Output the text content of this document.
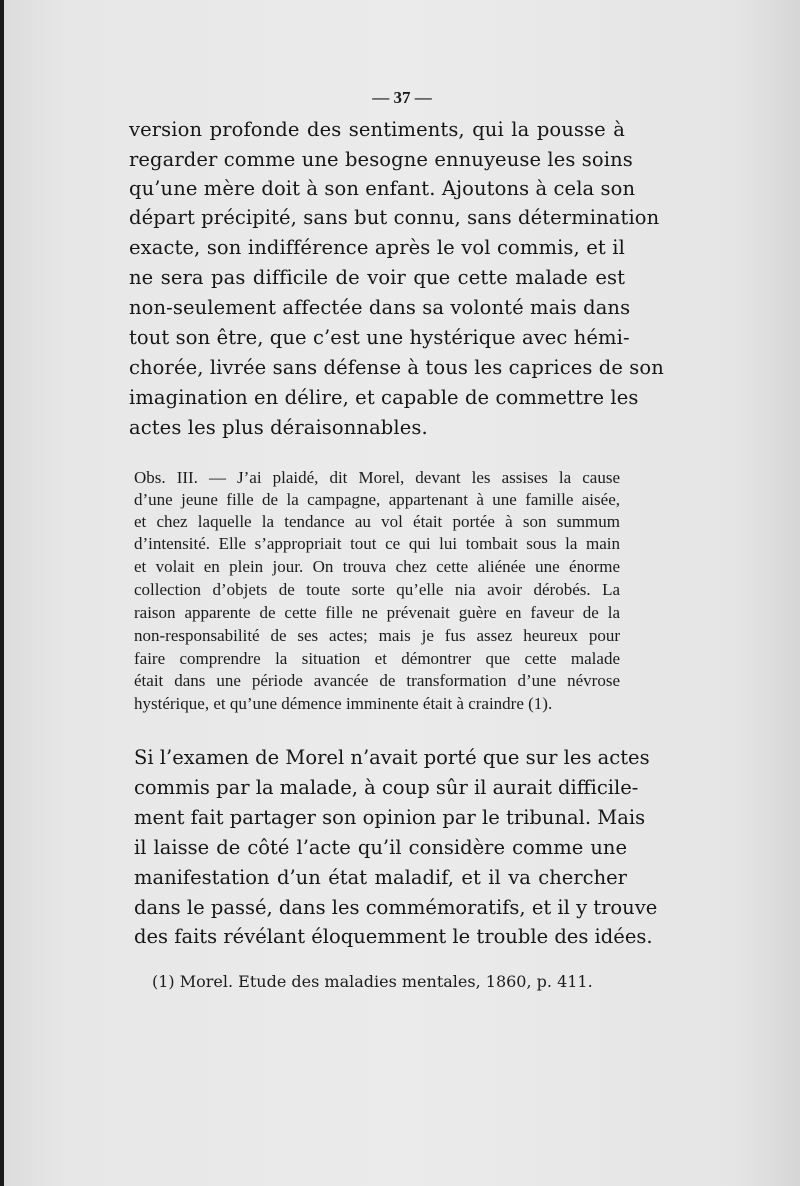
— 37 —
version profonde des sentiments, qui la pousse à
regarder comme une besogne ennuyeuse les soins
qu’une mère doit à son enfant. Ajoutons à cela son
départ précipité, sans but connu, sans détermination
exacte, son indifférence après le vol commis, et il
ne sera pas difficile de voir que cette malade est
non-seulement affectée dans sa volonté mais dans
tout son être, que c’est une hystérique avec hémi-
chorée, livrée sans défense à tous les caprices de son
imagination en délire, et capable de commettre les
actes les plus déraisonnables.
Obs. III. — J’ai plaidé, dit Morel, devant les assises la cause
d’une jeune fille de la campagne, appartenant à une famille aisée,
et chez laquelle la tendance au vol était portée à son summum
d’intensité. Elle s’appropriait tout ce qui lui tombait sous la main
et volait en plein jour. On trouva chez cette aliénée une énorme
collection d’objets de toute sorte qu’elle nia avoir dérobés. La
raison apparente de cette fille ne prévenait guère en faveur de la
non-responsabilité de ses actes; mais je fus assez heureux pour
faire comprendre la situation et démontrer que cette malade
était dans une période avancée de transformation d’une névrose
hystérique, et qu’une démence imminente était à craindre (1).
Si l’examen de Morel n’avait porté que sur les actes
commis par la malade, à coup sûr il aurait difficile-
ment fait partager son opinion par le tribunal. Mais
il laisse de côté l’acte qu’il considère comme une
manifestation d’un état maladif, et il va chercher
dans le passé, dans les commémoratifs, et il y trouve
des faits révélant éloquemment le trouble des idées.
(1) Morel. Etude des maladies mentales, 1860, p. 411.
